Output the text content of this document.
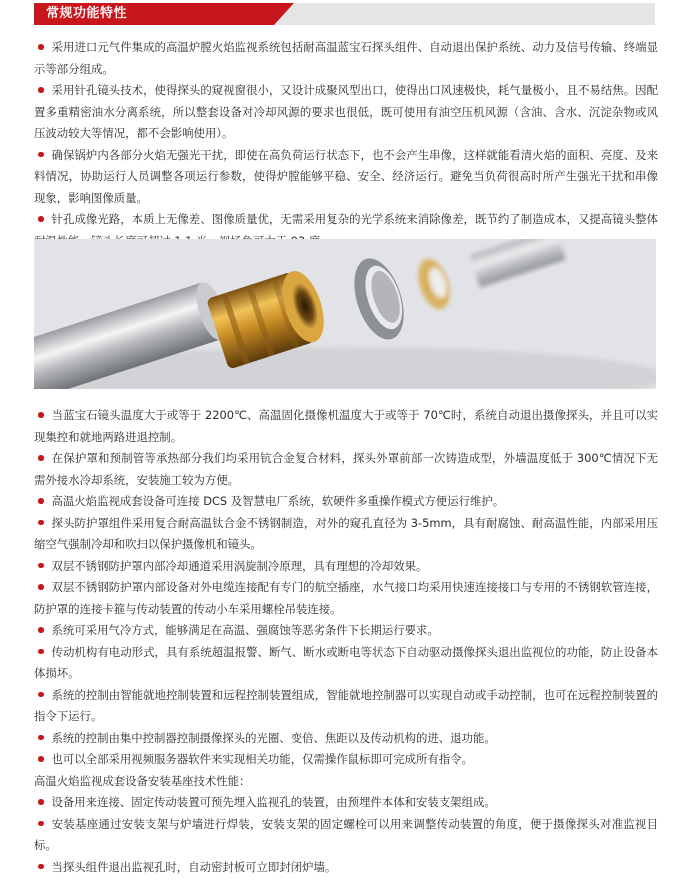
常规功能特性

采用进口元气件集成的高温炉膛火焰监视系统包括耐高温蓝宝石探头组件、自动退出保护系统、动力及信号传输、终端显示等部分组成。

采用针孔镜头技术，使得探头的窥视窗很小，又设计成聚风型出口，使得出口风速极快，耗气量极小，且不易结焦。因配置多重精密油水分离系统，所以整套设备对冷却风源的要求也很低，既可使用有油空压机风源（含油、含水、沉淀杂物或风压波动较大等情况，都不会影响使用）。

确保锅炉内各部分火焰无强光干扰，即使在高负荷运行状态下，也不会产生串像，这样就能看清火焰的面积、亮度、及来料情况，协助运行人员调整各项运行参数，使得炉膛能够平稳、安全、经济运行。避免当负荷很高时所产生强光干扰和串像现象，影响图像质量。

针孔成像光路，本质上无像差、图像质量优，无需采用复杂的光学系统来消除像差，既节约了制造成本，又提高镜头整体

当蓝宝石镜头温度大于或等于 2200℃、高温固化摄像机温度大于或等于 70℃时，系统自动退出摄像探头，并且可以实现集控和就地两路进退控制。

在保护罩和预制管等承热部分我们均采用钪合金复合材料，探头外罩前部一次铸造成型，外墙温度低于 300℃情况下无需外接水冷却系统，安装施工较为方便。

高温火焰监视成套设备可连接 DCS 及智慧电厂系统，软硬件多重操作模式方便运行维护。

探头防护罩组件采用复合耐高温钛合金不锈钢制造，对外的窥孔直径为 3-5mm，具有耐腐蚀、耐高温性能，内部采用压缩空气强制冷却和吹扫以保护摄像机和镜头。

双层不锈钢防护罩内部冷却通道采用涡旋制冷原理，具有理想的冷却效果。

双层不锈钢防护罩内部设备对外电缆连接配有专门的航空插座，水气接口均采用快速连接接口与专用的不锈钢软管连接，防护罩的连接卡箍与传动装置的传动小车采用螺栓吊装连接。

系统可采用气冷方式，能够满足在高温、强腐蚀等恶劣条件下长期运行要求。

传动机构有电动形式，具有系统超温报警、断气、断水或断电等状态下自动驱动摄像探头退出监视位的功能，防止设备本体损坏。

系统的控制由智能就地控制装置和远程控制装置组成，智能就地控制器可以实现自动或手动控制，也可在远程控制装置的指令下运行。

系统的控制由集中控制器控制摄像探头的光圈、变倍、焦距以及传动机构的进、退功能。

也可以全部采用视频服务器软件来实现相关功能，仅需操作鼠标即可完成所有指令。

高温火焰监视成套设备安装基座技术性能：

设备用来连接、固定传动装置可预先埋入监视孔的装置，由预埋件本体和安装支架组成。

安装基座通过安装支架与炉墙进行焊装，安装支架的固定螺栓可以用来调整传动装置的角度，便于摄像探头对准监视目标。

当探头组件退出监视孔时，自动密封板可立即封闭炉墙。
